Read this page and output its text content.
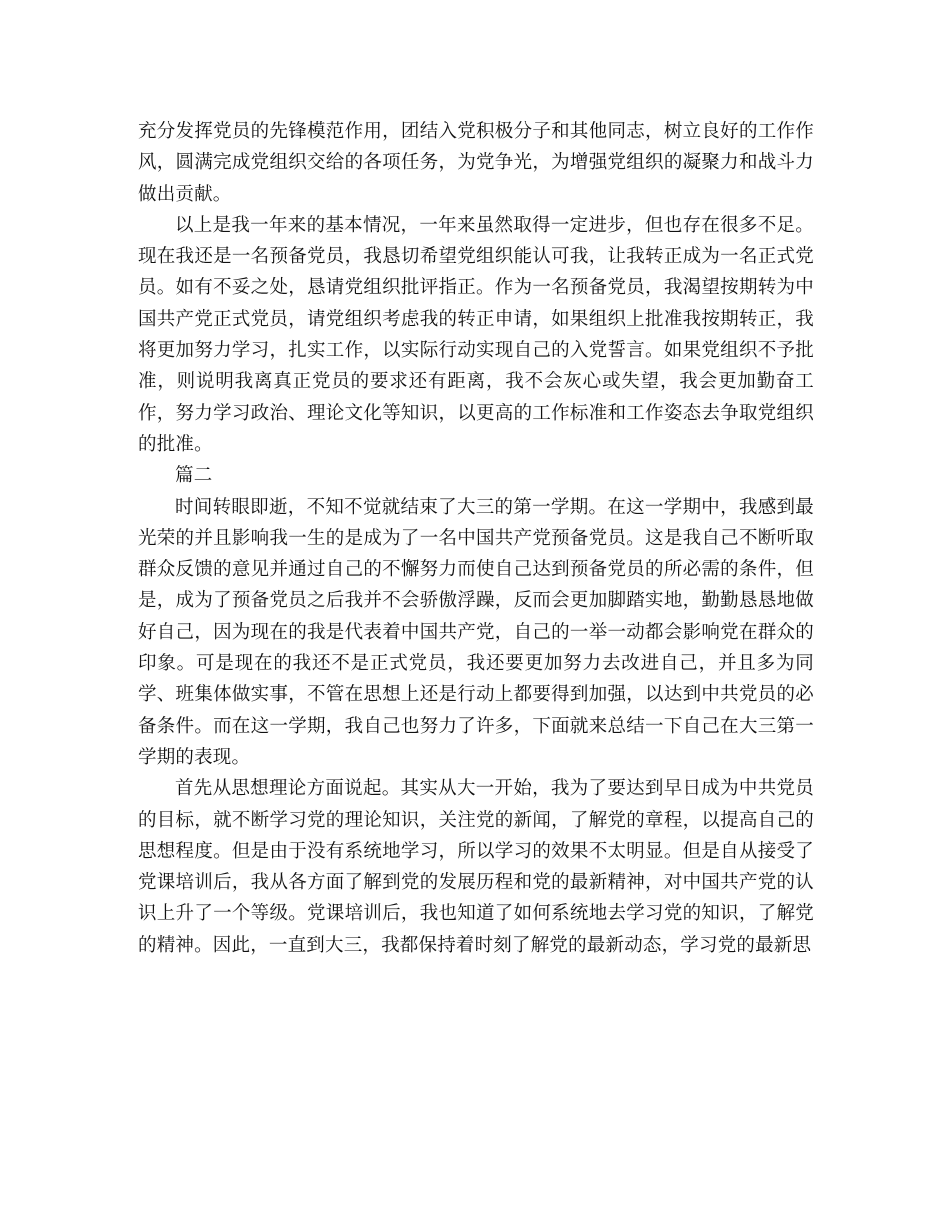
充分发挥党员的先锋模范作用，团结入党积极分子和其他同志，树立良好的工作作风，圆满完成党组织交给的各项任务，为党争光，为增强党组织的凝聚力和战斗力做出贡献。

以上是我一年来的基本情况，一年来虽然取得一定进步，但也存在很多不足。现在我还是一名预备党员，我恳切希望党组织能认可我，让我转正成为一名正式党员。如有不妥之处，恳请党组织批评指正。作为一名预备党员，我渴望按期转为中国共产党正式党员，请党组织考虑我的转正申请，如果组织上批准我按期转正，我将更加努力学习，扎实工作，以实际行动实现自己的入党誓言。如果党组织不予批准，则说明我离真正党员的要求还有距离，我不会灰心或失望，我会更加勤奋工作，努力学习政治、理论文化等知识，以更高的工作标准和工作姿态去争取党组织的批准。

篇二

时间转眼即逝，不知不觉就结束了大三的第一学期。在这一学期中，我感到最光荣的并且影响我一生的是成为了一名中国共产党预备党员。这是我自己不断听取群众反馈的意见并通过自己的不懈努力而使自己达到预备党员的所必需的条件，但是，成为了预备党员之后我并不会骄傲浮躁，反而会更加脚踏实地，勤勤恳恳地做好自己，因为现在的我是代表着中国共产党，自己的一举一动都会影响党在群众的印象。可是现在的我还不是正式党员，我还要更加努力去改进自己，并且多为同学、班集体做实事，不管在思想上还是行动上都要得到加强，以达到中共党员的必备条件。而在这一学期，我自己也努力了许多，下面就来总结一下自己在大三第一学期的表现。

首先从思想理论方面说起。其实从大一开始，我为了要达到早日成为中共党员的目标，就不断学习党的理论知识，关注党的新闻，了解党的章程，以提高自己的思想程度。但是由于没有系统地学习，所以学习的效果不太明显。但是自从接受了党课培训后，我从各方面了解到党的发展历程和党的最新精神，对中国共产党的认识上升了一个等级。党课培训后，我也知道了如何系统地去学习党的知识，了解党的精神。因此，一直到大三，我都保持着时刻了解党的最新动态，学习党的最新思
